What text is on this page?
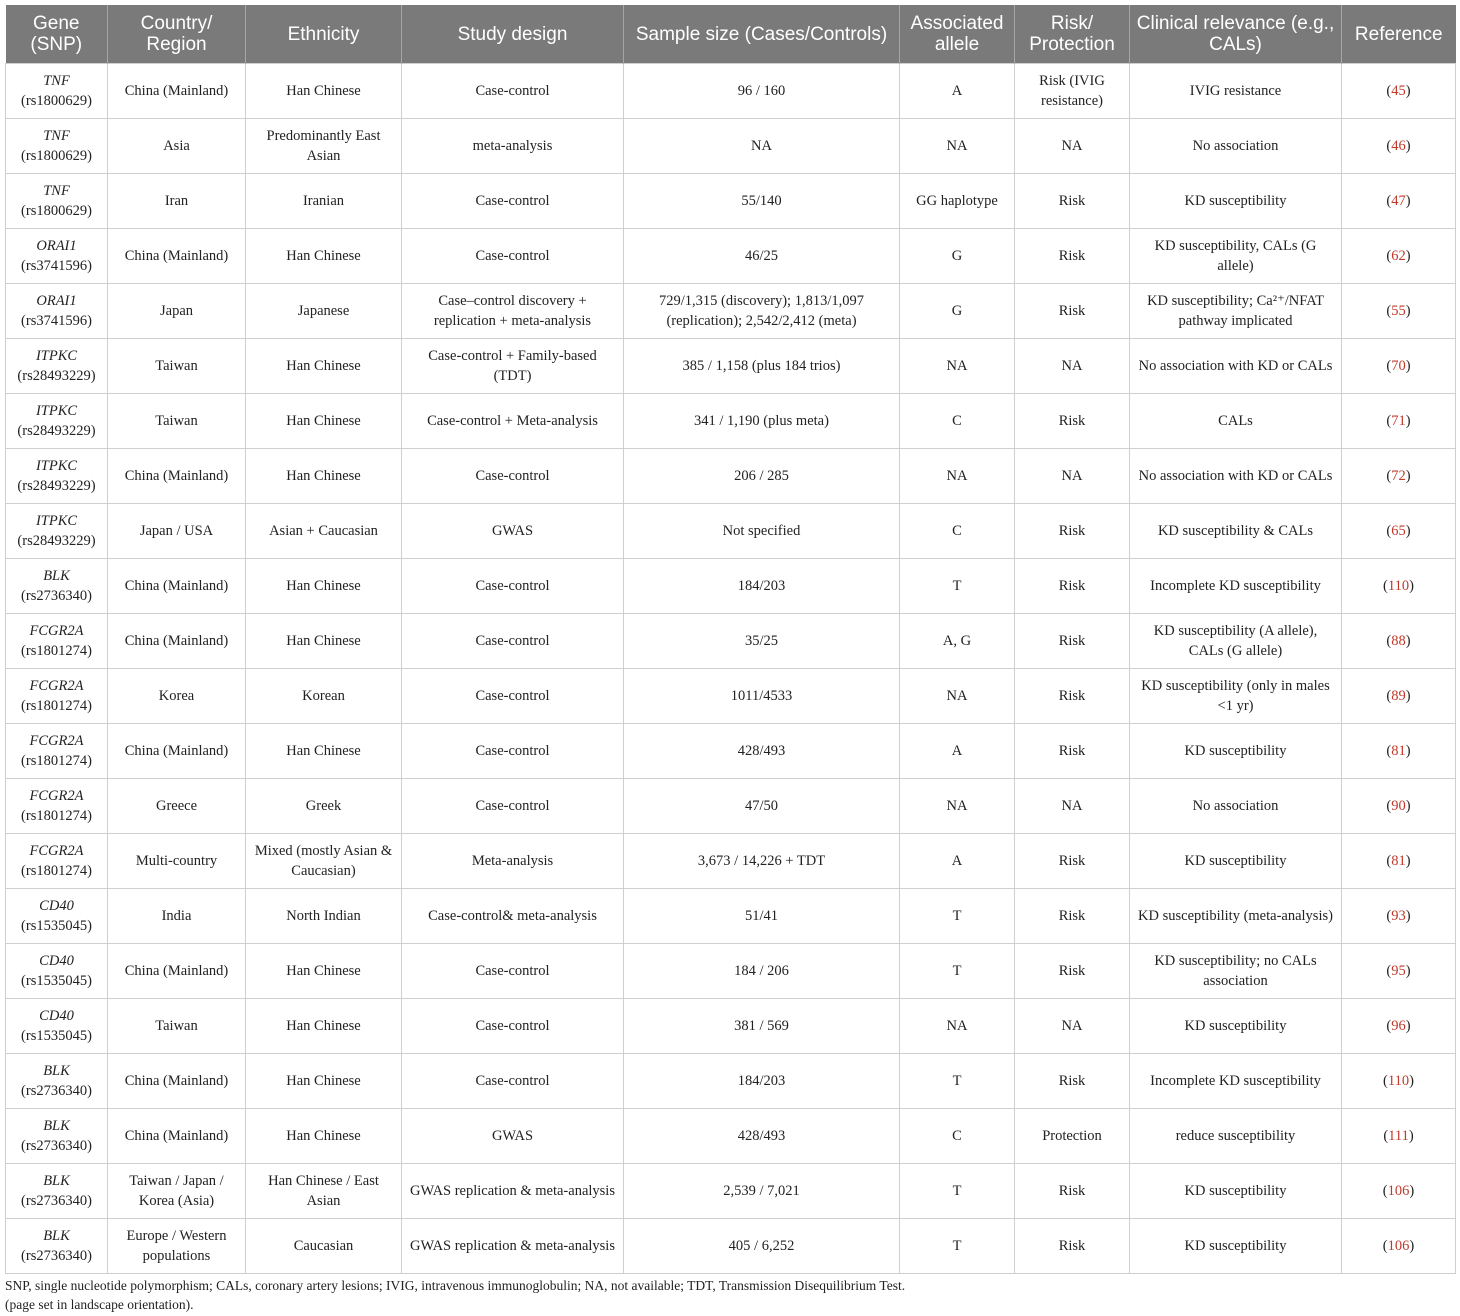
Gene (SNP)	Country/ Region	Ethnicity	Study design	Sample size (Cases/Controls)	Associated allele	Risk/ Protection	Clinical relevance (e.g., CALs)	Reference

TNF
(rs1800629)	China (Mainland)	Han Chinese	Case-control	96 / 160	A	Risk (IVIG resistance)	IVIG resistance	(45)

TNF
(rs1800629)	Asia	Predominantly East Asian	meta-analysis	NA	NA	NA	No association	(46)

TNF
(rs1800629)	Iran	Iranian	Case-control	55/140	GG haplotype	Risk	KD susceptibility	(47)

ORAI1
(rs3741596)	China (Mainland)	Han Chinese	Case-control	46/25	G	Risk	KD susceptibility, CALs (G allele)	(62)

ORAI1
(rs3741596)	Japan	Japanese	Case–control discovery + replication + meta-analysis	729/1,315 (discovery); 1,813/1,097 (replication); 2,542/2,412 (meta)	G	Risk	KD susceptibility; Ca²⁺/NFAT pathway implicated	(55)

ITPKC
(rs28493229)	Taiwan	Han Chinese	Case-control + Family-based (TDT)	385 / 1,158 (plus 184 trios)	NA	NA	No association with KD or CALs	(70)

ITPKC
(rs28493229)	Taiwan	Han Chinese	Case-control + Meta-analysis	341 / 1,190 (plus meta)	C	Risk	CALs	(71)

ITPKC
(rs28493229)	China (Mainland)	Han Chinese	Case-control	206 / 285	NA	NA	No association with KD or CALs	(72)

ITPKC
(rs28493229)	Japan / USA	Asian + Caucasian	GWAS	Not specified	C	Risk	KD susceptibility & CALs	(65)

BLK
(rs2736340)	China (Mainland)	Han Chinese	Case-control	184/203	T	Risk	Incomplete KD susceptibility	(110)

FCGR2A
(rs1801274)	China (Mainland)	Han Chinese	Case-control	35/25	A, G	Risk	KD susceptibility (A allele), CALs (G allele)	(88)

FCGR2A
(rs1801274)	Korea	Korean	Case-control	1011/4533	NA	Risk	KD susceptibility (only in males <1 yr)	(89)

FCGR2A
(rs1801274)	China (Mainland)	Han Chinese	Case-control	428/493	A	Risk	KD susceptibility	(81)

FCGR2A
(rs1801274)	Greece	Greek	Case-control	47/50	NA	NA	No association	(90)

FCGR2A
(rs1801274)	Multi-country	Mixed (mostly Asian & Caucasian)	Meta-analysis	3,673 / 14,226 + TDT	A	Risk	KD susceptibility	(81)

CD40
(rs1535045)	India	North Indian	Case-control& meta-analysis	51/41	T	Risk	KD susceptibility (meta-analysis)	(93)

CD40
(rs1535045)	China (Mainland)	Han Chinese	Case-control	184 / 206	T	Risk	KD susceptibility; no CALs association	(95)

CD40
(rs1535045)	Taiwan	Han Chinese	Case-control	381 / 569	NA	NA	KD susceptibility	(96)

BLK
(rs2736340)	China (Mainland)	Han Chinese	Case-control	184/203	T	Risk	Incomplete KD susceptibility	(110)

BLK
(rs2736340)	China (Mainland)	Han Chinese	GWAS	428/493	C	Protection	reduce susceptibility	(111)

BLK
(rs2736340)	Taiwan / Japan / Korea (Asia)	Han Chinese / East Asian	GWAS replication & meta-analysis	2,539 / 7,021	T	Risk	KD susceptibility	(106)

BLK
(rs2736340)	Europe / Western populations	Caucasian	GWAS replication & meta-analysis	405 / 6,252	T	Risk	KD susceptibility	(106)
SNP, single nucleotide polymorphism; CALs, coronary artery lesions; IVIG, intravenous immunoglobulin; NA, not available; TDT, Transmission Disequilibrium Test.
(page set in landscape orientation).
